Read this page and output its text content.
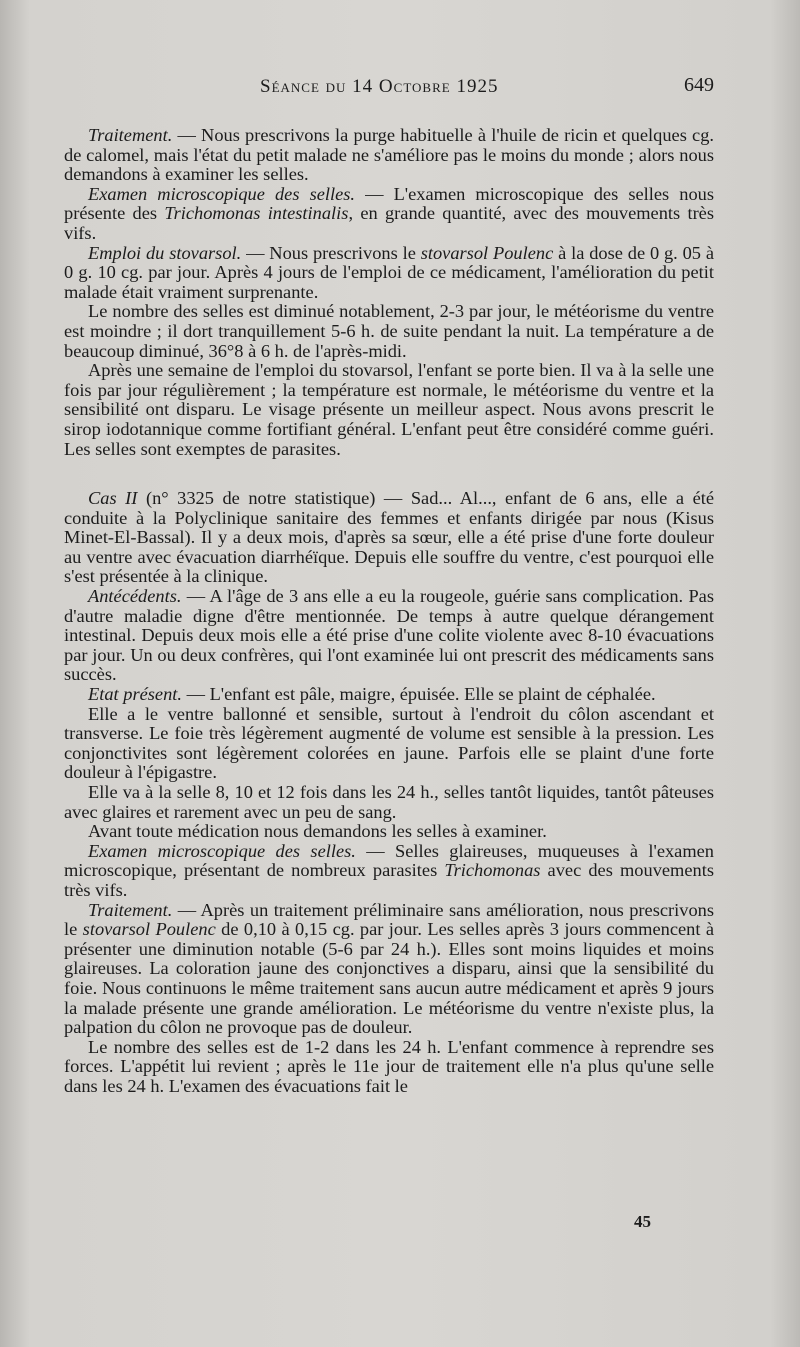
Séance du 14 Octobre 1925	649

Traitement. — Nous prescrivons la purge habituelle à l'huile de ricin et quelques cg. de calomel, mais l'état du petit malade ne s'améliore pas le moins du monde ; alors nous demandons à examiner les selles.

Examen microscopique des selles. — L'examen microscopique des selles nous présente des Trichomonas intestinalis, en grande quantité, avec des mouvements très vifs.

Emploi du stovarsol. — Nous prescrivons le stovarsol Poulenc à la dose de 0 g. 05 à 0 g. 10 cg. par jour. Après 4 jours de l'emploi de ce médicament, l'amélioration du petit malade était vraiment surprenante.

Le nombre des selles est diminué notablement, 2-3 par jour, le météorisme du ventre est moindre ; il dort tranquillement 5-6 h. de suite pendant la nuit. La température a de beaucoup diminué, 36°8 à 6 h. de l'après-midi.

Après une semaine de l'emploi du stovarsol, l'enfant se porte bien. Il va à la selle une fois par jour régulièrement ; la température est normale, le météorisme du ventre et la sensibilité ont disparu. Le visage présente un meilleur aspect. Nous avons prescrit le sirop iodotannique comme fortifiant général. L'enfant peut être considéré comme guéri. Les selles sont exemptes de parasites.

Cas II (n° 3325 de notre statistique) — Sad... Al..., enfant de 6 ans, elle a été conduite à la Polyclinique sanitaire des femmes et enfants dirigée par nous (Kisus Minet-El-Bassal). Il y a deux mois, d'après sa sœur, elle a été prise d'une forte douleur au ventre avec évacuation diarrhéïque. Depuis elle souffre du ventre, c'est pourquoi elle s'est présentée à la clinique.

Antécédents. — A l'âge de 3 ans elle a eu la rougeole, guérie sans complication. Pas d'autre maladie digne d'être mentionnée. De temps à autre quelque dérangement intestinal. Depuis deux mois elle a été prise d'une colite violente avec 8-10 évacuations par jour. Un ou deux confrères, qui l'ont examinée lui ont prescrit des médicaments sans succès.

Etat présent. — L'enfant est pâle, maigre, épuisée. Elle se plaint de céphalée.

Elle a le ventre ballonné et sensible, surtout à l'endroit du côlon ascendant et transverse. Le foie très légèrement augmenté de volume est sensible à la pression. Les conjonctivites sont légèrement colorées en jaune. Parfois elle se plaint d'une forte douleur à l'épigastre.

Elle va à la selle 8, 10 et 12 fois dans les 24 h., selles tantôt liquides, tantôt pâteuses avec glaires et rarement avec un peu de sang.

Avant toute médication nous demandons les selles à examiner.

Examen microscopique des selles. — Selles glaireuses, muqueuses à l'examen microscopique, présentant de nombreux parasites Trichomonas avec des mouvements très vifs.

Traitement. — Après un traitement préliminaire sans amélioration, nous prescrivons le stovarsol Poulenc de 0,10 à 0,15 cg. par jour. Les selles après 3 jours commencent à présenter une diminution notable (5-6 par 24 h.). Elles sont moins liquides et moins glaireuses. La coloration jaune des conjonctives a disparu, ainsi que la sensibilité du foie. Nous continuons le même traitement sans aucun autre médicament et après 9 jours la malade présente une grande amélioration. Le météorisme du ventre n'existe plus, la palpation du côlon ne provoque pas de douleur.

Le nombre des selles est de 1-2 dans les 24 h. L'enfant commence à reprendre ses forces. L'appétit lui revient ; après le 11e jour de traitement elle n'a plus qu'une selle dans les 24 h. L'examen des évacuations fait le

45
